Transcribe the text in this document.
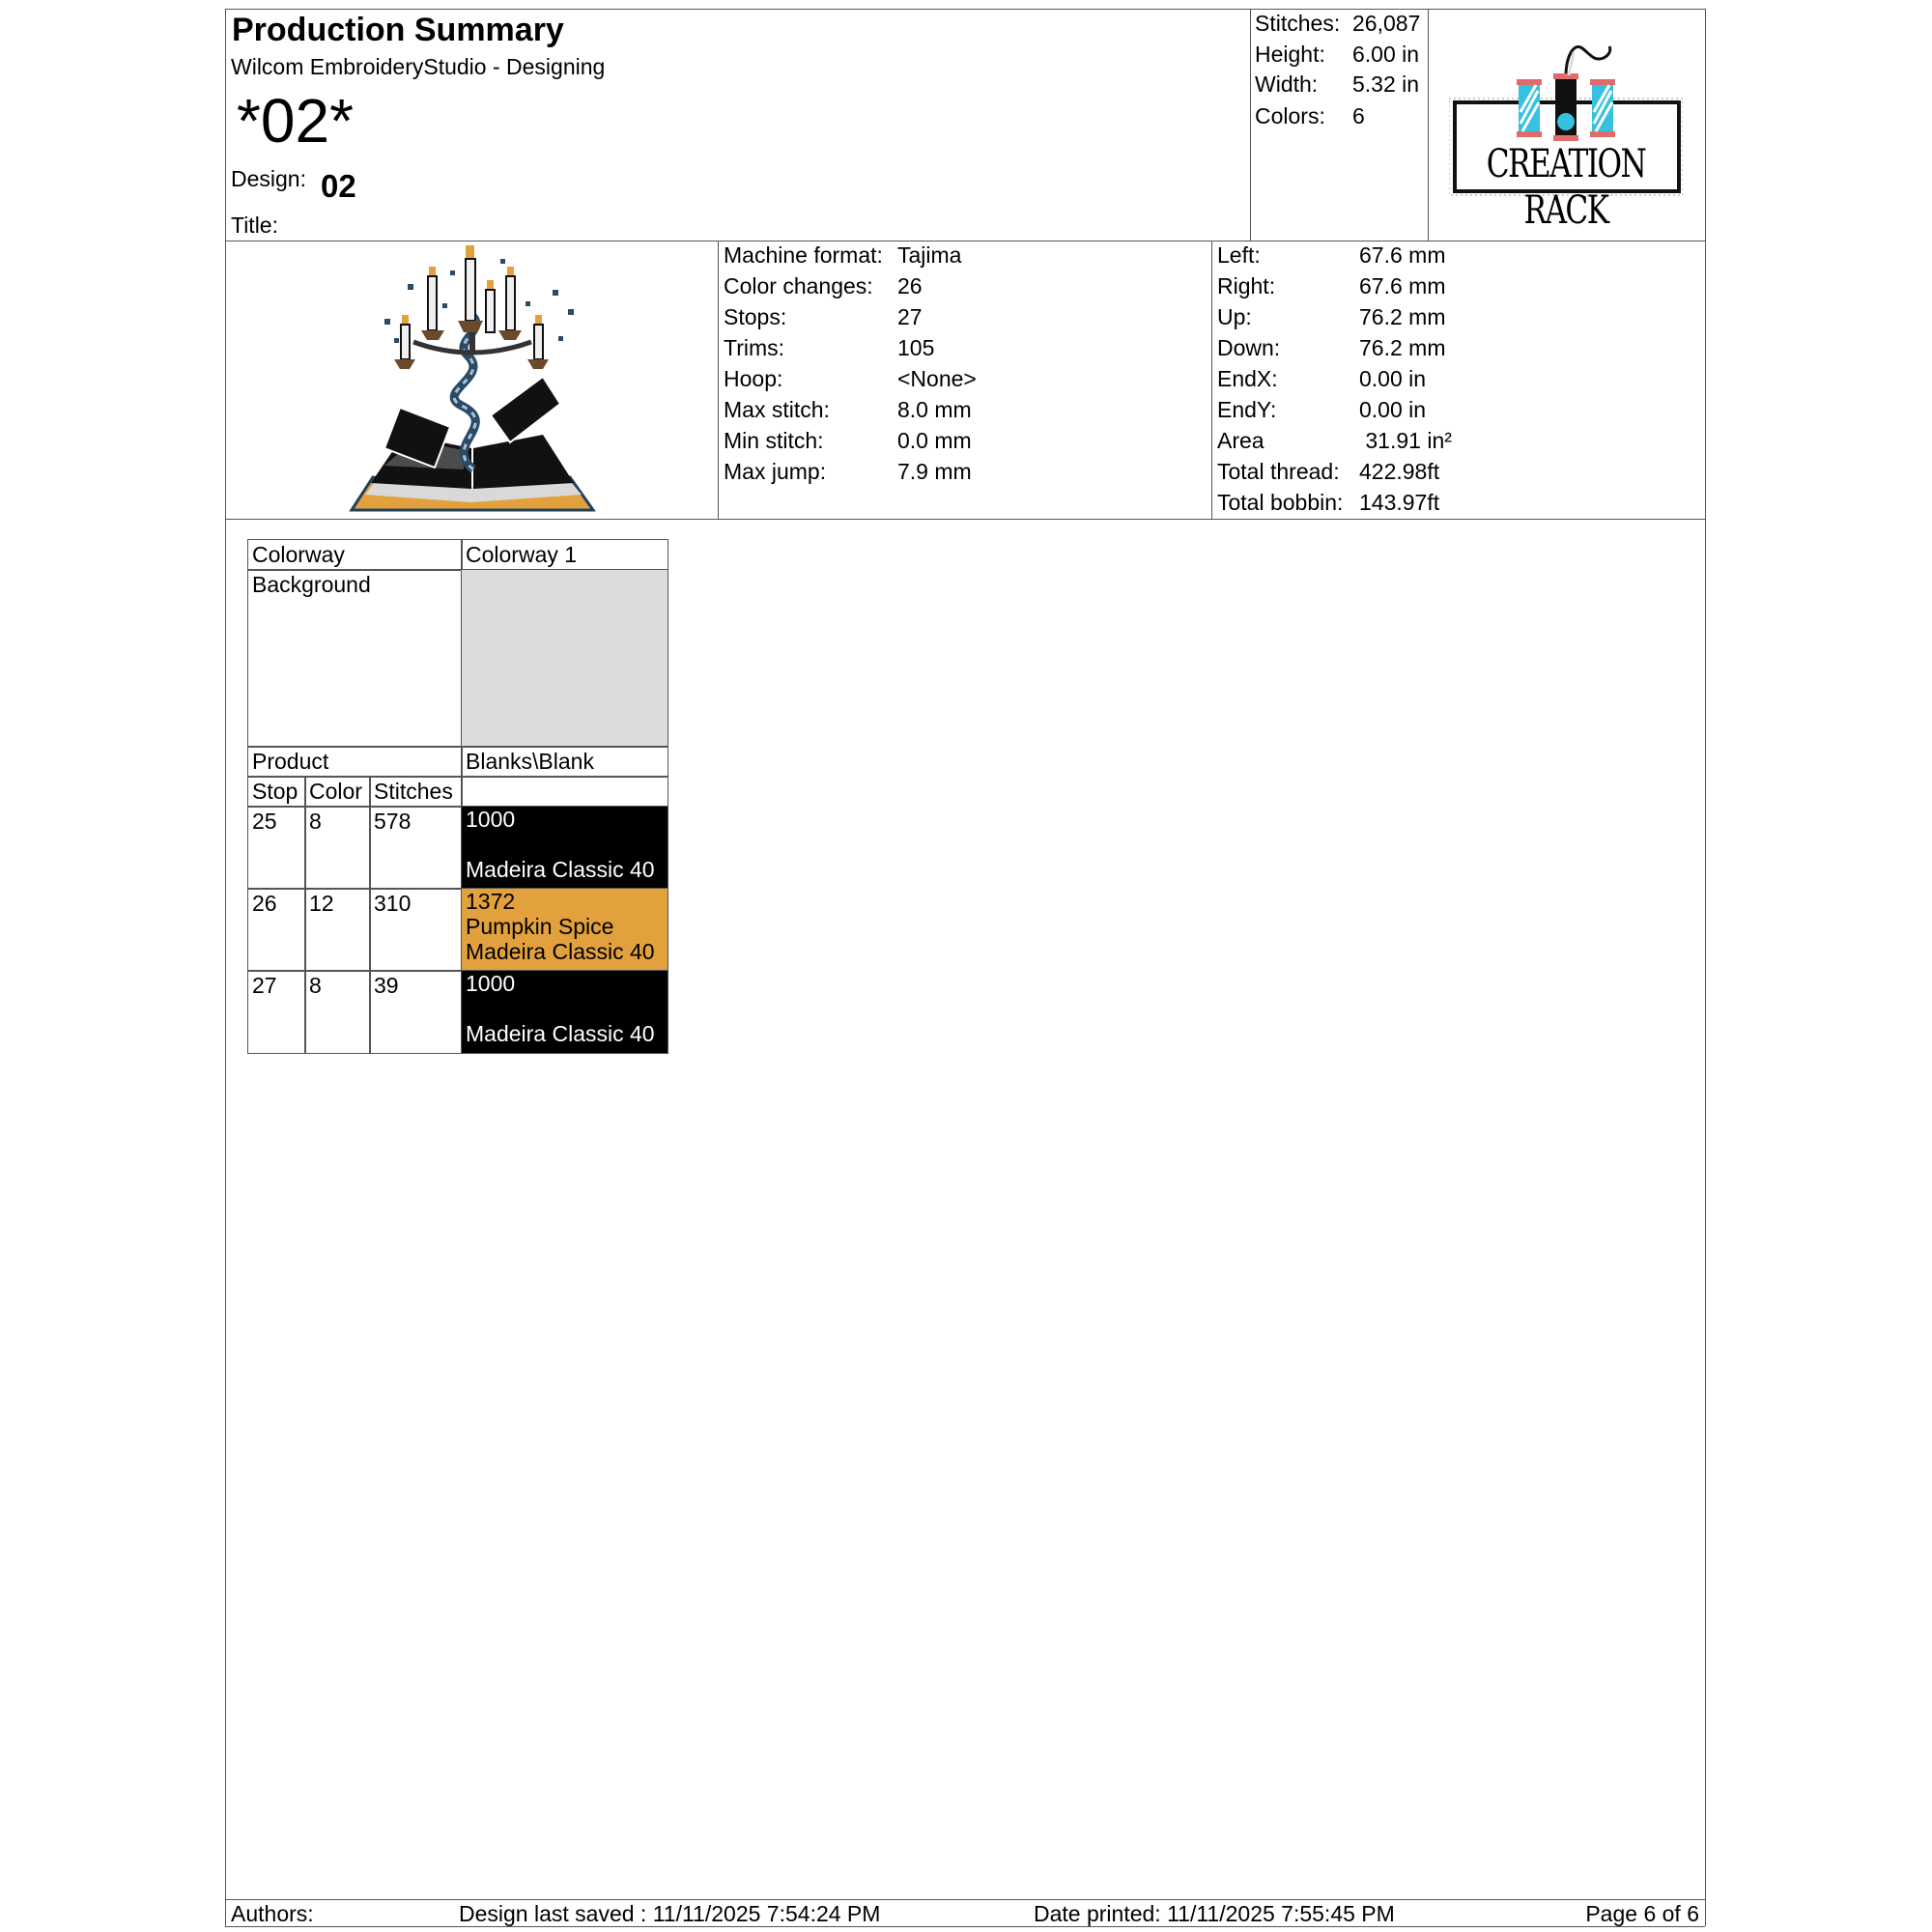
Production Summary
Wilcom EmbroideryStudio - Designing
*02*
Design: 02
Title:
Stitches: 26,087
Height: 6.00 in
Width: 5.32 in
Colors: 6
CREATION RACK
Machine format: Tajima
Color changes: 26
Stops:	27
Trims:	105
Hoop:	<None>
Max stitch:	8.0 mm
Min stitch:	0.0 mm
Max jump:	7.9 mm
Left:	67.6 mm
Right:	67.6 mm
Up:	76.2 mm
Down:	76.2 mm
EndX:	0.00 in
EndY:	0.00 in
Area	31.91 in²
Total thread: 422.98ft
Total bobbin: 143.97ft
Colorway	Colorway 1
Background
Product	Blanks\Blank
Stop Color Stitches
25	8	578	1000
Madeira Classic 40
26	12	310	1372
Pumpkin Spice
Madeira Classic 40
27	8	39	1000
Madeira Classic 40
Authors:	Design last saved : 11/11/2025 7:54:24 PM	Date printed: 11/11/2025 7:55:45 PM	Page 6 of 6
